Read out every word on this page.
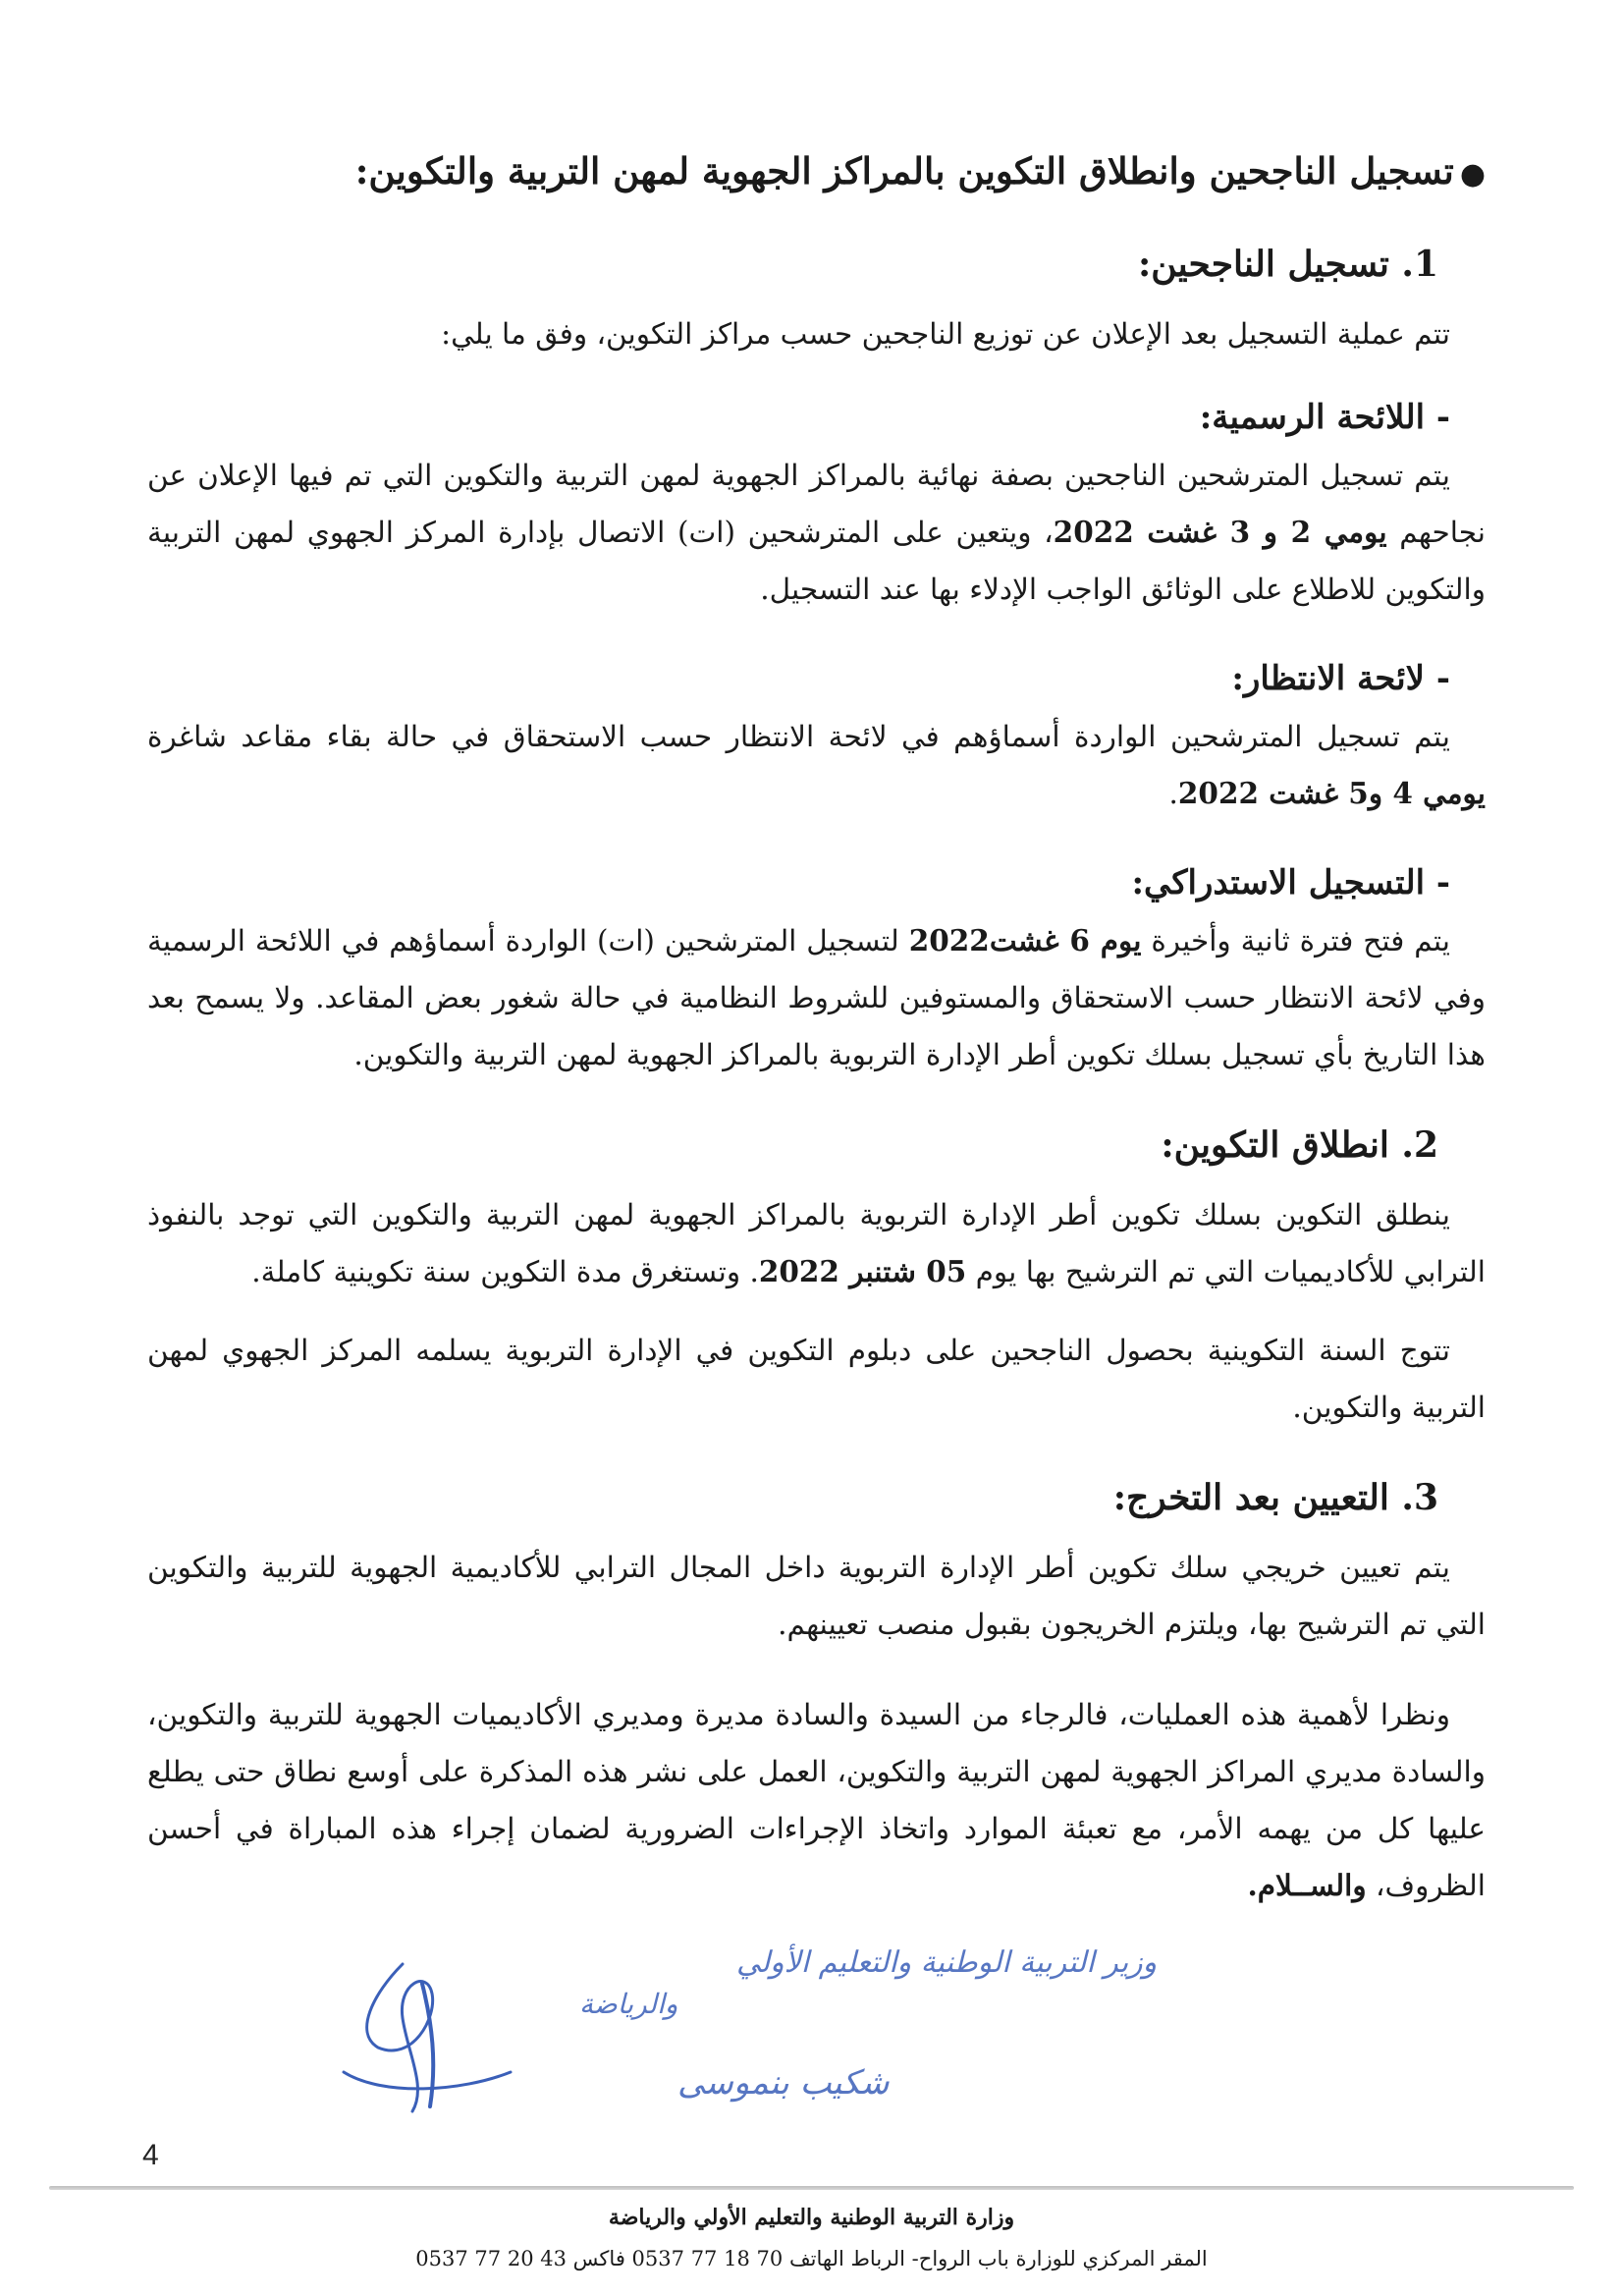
●تسجيل الناجحين وانطلاق التكوين بالمراكز الجهوية لمهن التربية والتكوين:
1. تسجيل الناجحين:

تتم عملية التسجيل بعد الإعلان عن توزيع الناجحين حسب مراكز التكوين، وفق ما يلي:

- اللائحة الرسمية:

يتم تسجيل المترشحين الناجحين بصفة نهائية بالمراكز الجهوية لمهن التربية والتكوين التي تم فيها الإعلان عن نجاحهم يومي 2 و 3 غشت 2022، ويتعين على المترشحين (ات) الاتصال بإدارة المركز الجهوي لمهن التربية والتكوين للاطلاع على الوثائق الواجب الإدلاء بها عند التسجيل.

- لائحة الانتظار:

يتم تسجيل المترشحين الواردة أسماؤهم في لائحة الانتظار حسب الاستحقاق في حالة بقاء مقاعد شاغرة يومي 4 و5 غشت 2022.

- التسجيل الاستدراكي:

يتم فتح فترة ثانية وأخيرة يوم 6 غشت2022 لتسجيل المترشحين (ات) الواردة أسماؤهم في اللائحة الرسمية وفي لائحة الانتظار حسب الاستحقاق والمستوفين للشروط النظامية في حالة شغور بعض المقاعد. ولا يسمح بعد هذا التاريخ بأي تسجيل بسلك تكوين أطر الإدارة التربوية بالمراكز الجهوية لمهن التربية والتكوين.

2. انطلاق التكوين:

ينطلق التكوين بسلك تكوين أطر الإدارة التربوية بالمراكز الجهوية لمهن التربية والتكوين التي توجد بالنفوذ الترابي للأكاديميات التي تم الترشيح بها يوم 05 شتنبر 2022. وتستغرق مدة التكوين سنة تكوينية كاملة.

تتوج السنة التكوينية بحصول الناجحين على دبلوم التكوين في الإدارة التربوية يسلمه المركز الجهوي لمهن التربية والتكوين.

3. التعيين بعد التخرج:

يتم تعيين خريجي سلك تكوين أطر الإدارة التربوية داخل المجال الترابي للأكاديمية الجهوية للتربية والتكوين التي تم الترشيح بها، ويلتزم الخريجون بقبول منصب تعيينهم.

ونظرا لأهمية هذه العمليات، فالرجاء من السيدة والسادة مديرة ومديري الأكاديميات الجهوية للتربية والتكوين، والسادة مديري المراكز الجهوية لمهن التربية والتكوين، العمل على نشر هذه المذكرة على أوسع نطاق حتى يطلع عليها كل من يهمه الأمر، مع تعبئة الموارد واتخاذ الإجراءات الضرورية لضمان إجراء هذه المباراة في أحسن الظروف، والســلام.

وزير التربية الوطنية والتعليم الأولي
والرياضة
شكيب بنموسى
4

وزارة التربية الوطنية والتعليم الأولي والرياضة

المقر المركزي للوزارة باب الرواح- الرباط الهاتف 70 18 77 0537 فاكس 43 20 77 0537
